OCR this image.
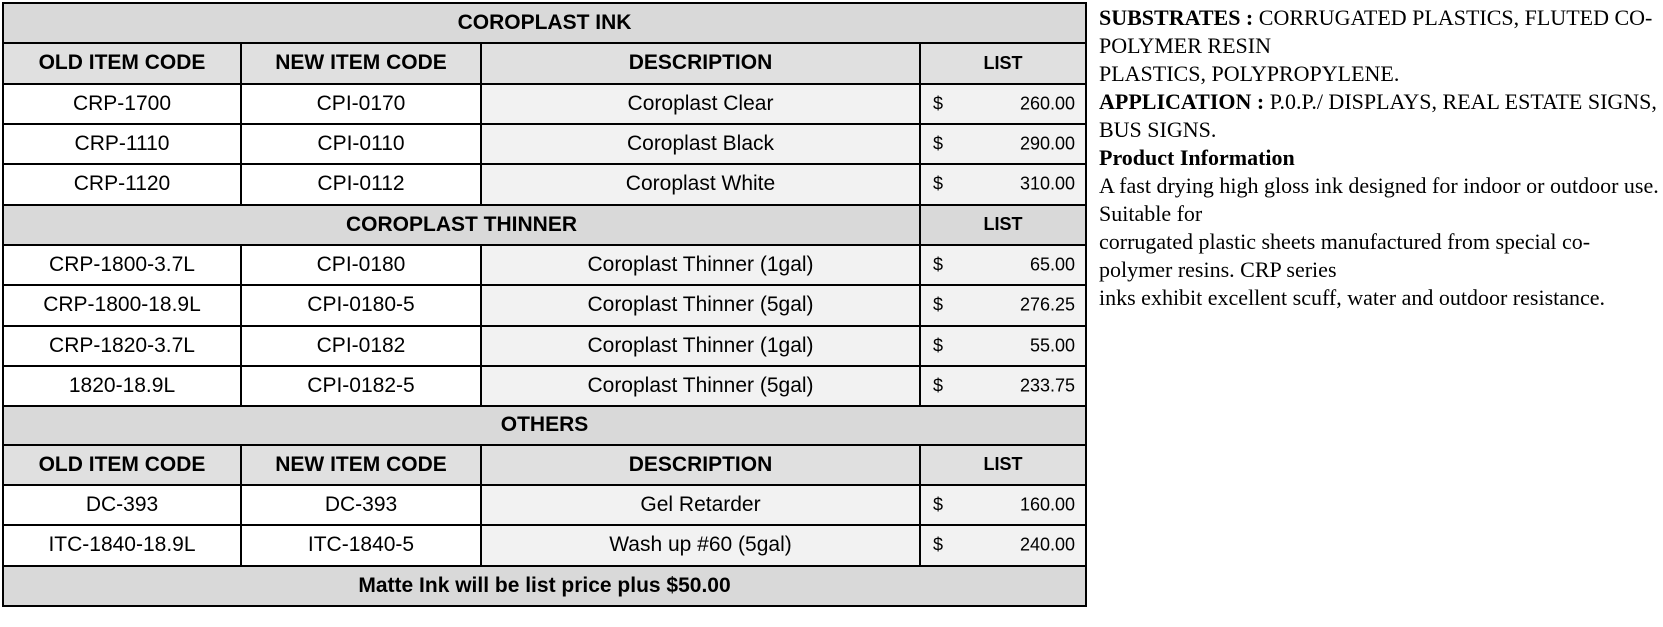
COROPLAST INK			
OLD ITEM CODE	NEW ITEM CODE	DESCRIPTION	LIST
CRP-1700	CPI-0170	Coroplast Clear	$ 260.00

CRP-1110	CPI-0110	Coroplast Black	$ 290.00

CRP-1120	CPI-0112	Coroplast White	$ 310.00

COROPLAST THINNER			LIST
CRP-1800-3.7L	CPI-0180	Coroplast Thinner (1gal)	$ 65.00

CRP-1800-18.9L	CPI-0180-5	Coroplast Thinner (5gal)	$ 276.25

CRP-1820-3.7L	CPI-0182	Coroplast Thinner (1gal)	$ 55.00

1820-18.9L	CPI-0182-5	Coroplast Thinner (5gal)	$ 233.75

OTHERS			
OLD ITEM CODE	NEW ITEM CODE	DESCRIPTION	LIST
DC-393	DC-393	Gel Retarder	$ 160.00

ITC-1840-18.9L	ITC-1840-5	Wash up #60 (5gal)	$ 240.00

Matte Ink will be list price plus $50.00			

SUBSTRATES : CORRUGATED PLASTICS, FLUTED CO-POLYMER RESIN

PLASTICS, POLYPROPYLENE.

APPLICATION : P.0.P./ DISPLAYS, REAL ESTATE SIGNS, BUS SIGNS.

Product Information

A fast drying high gloss ink designed for indoor or outdoor use. Suitable for

corrugated plastic sheets manufactured from special co-polymer resins. CRP series

inks exhibit excellent scuff, water and outdoor resistance.
